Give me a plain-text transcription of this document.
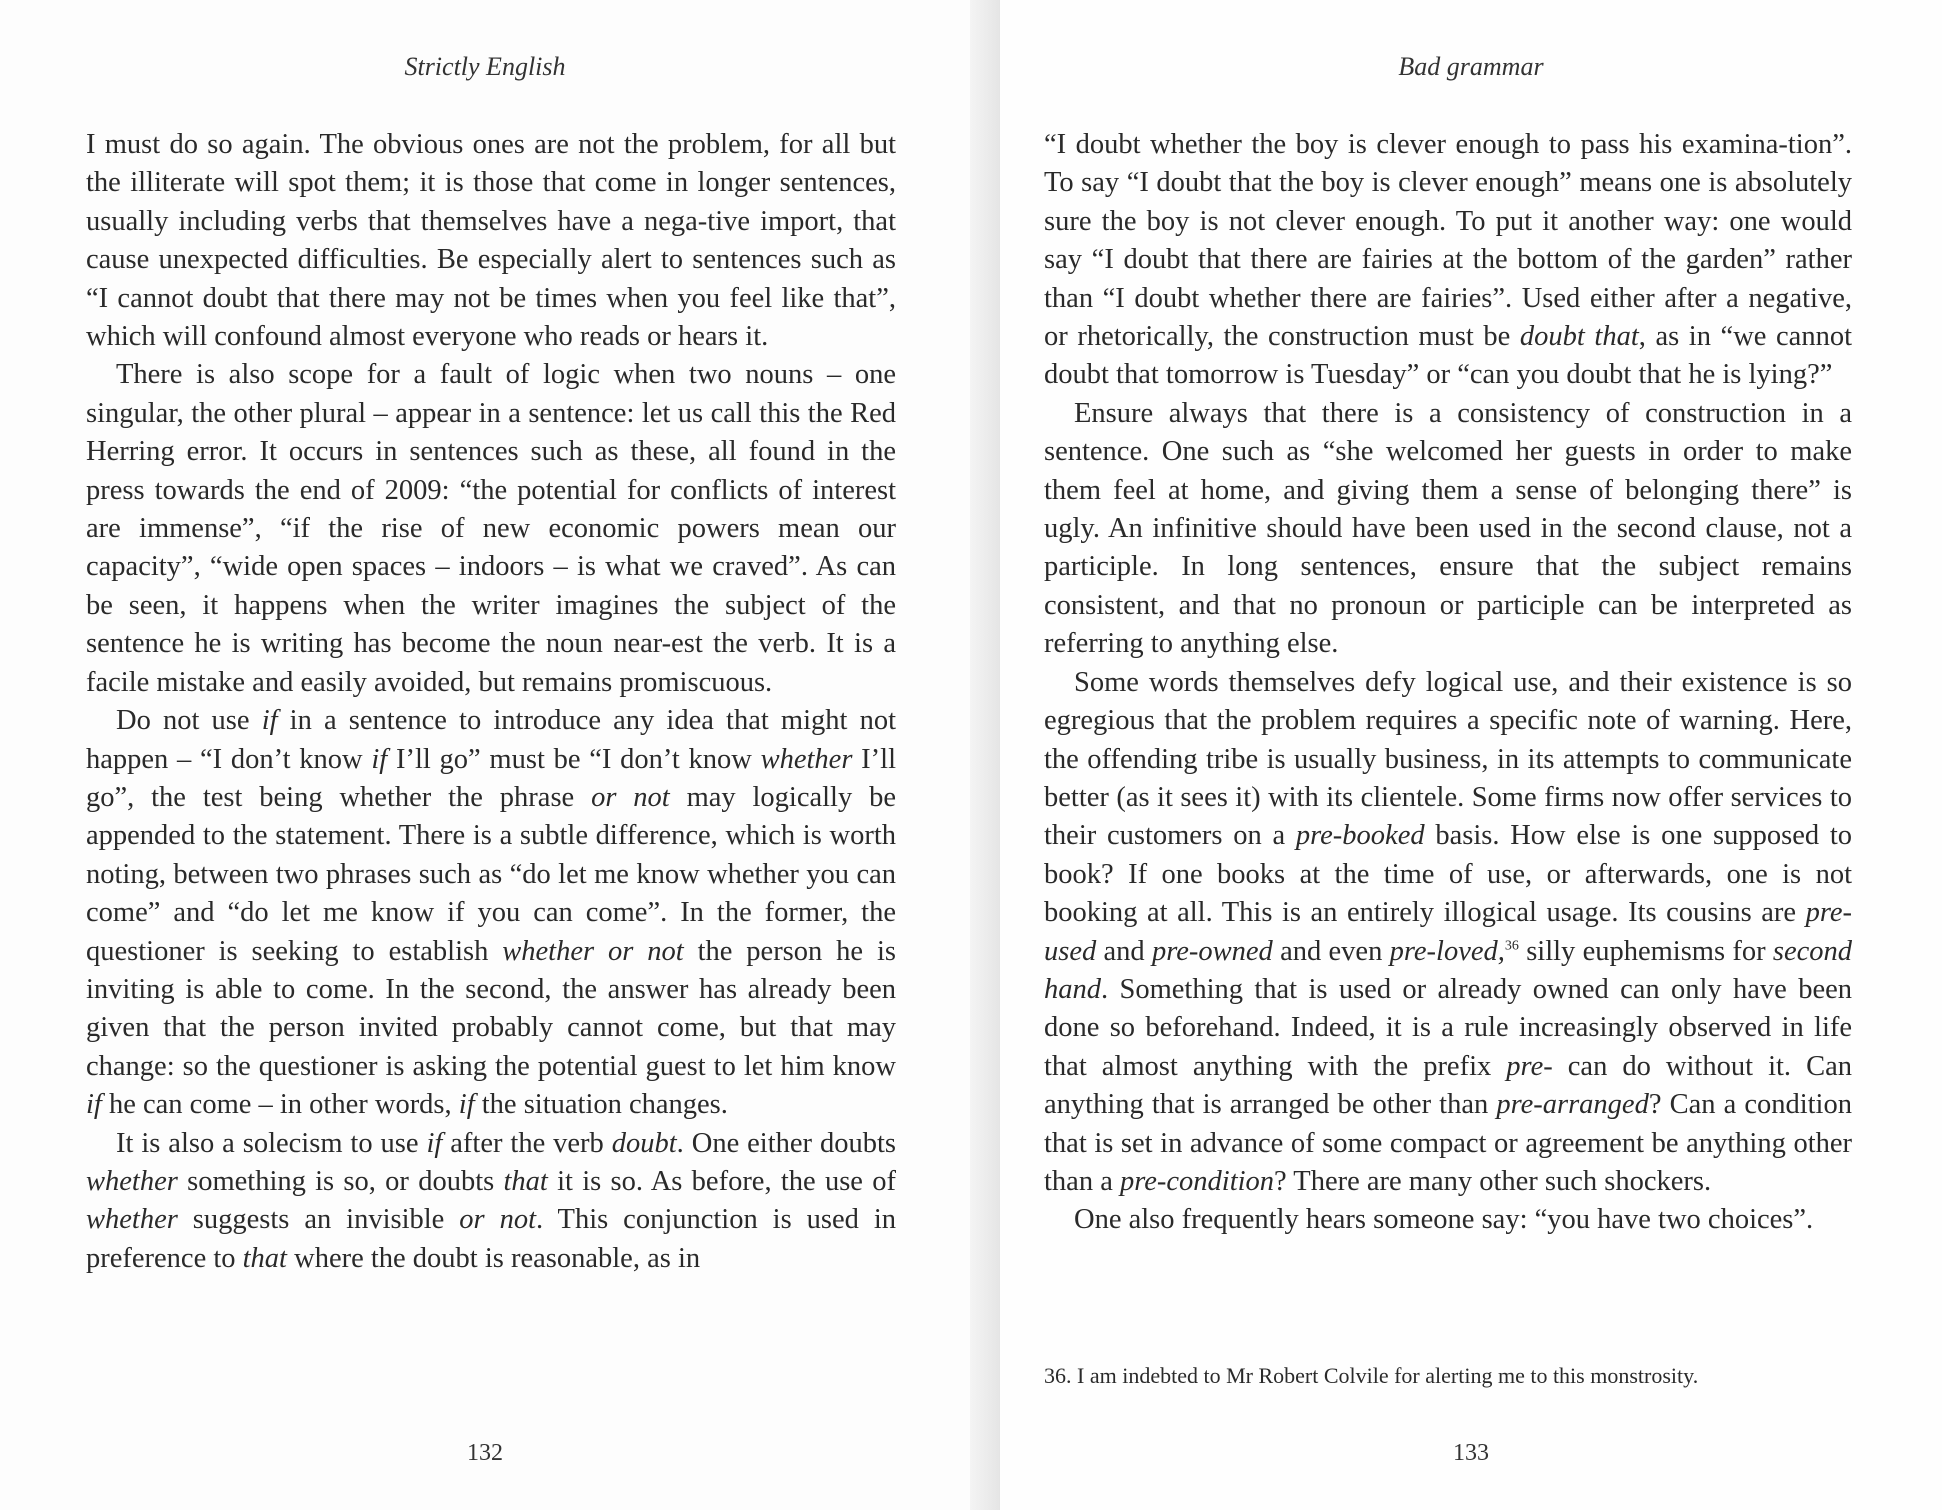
Strictly English

I must do so again. The obvious ones are not the problem, for all but the illiterate will spot them; it is those that come in longer sentences, usually including verbs that themselves have a nega-tive import, that cause unexpected difficulties. Be especially alert to sentences such as “I cannot doubt that there may not be times when you feel like that”, which will confound almost everyone who reads or hears it.

There is also scope for a fault of logic when two nouns – one singular, the other plural – appear in a sentence: let us call this the Red Herring error. It occurs in sentences such as these, all found in the press towards the end of 2009: “the potential for conflicts of interest are immense”, “if the rise of new economic powers mean our capacity”, “wide open spaces – indoors – is what we craved”. As can be seen, it happens when the writer imagines the subject of the sentence he is writing has become the noun near-est the verb. It is a facile mistake and easily avoided, but remains promiscuous.

Do not use if in a sentence to introduce any idea that might not happen – “I don’t know if I’ll go” must be “I don’t know whether I’ll go”, the test being whether the phrase or not may logically be appended to the statement. There is a subtle difference, which is worth noting, between two phrases such as “do let me know whether you can come” and “do let me know if you can come”. In the former, the questioner is seeking to establish whether or not the person he is inviting is able to come. In the second, the answer has already been given that the person invited probably cannot come, but that may change: so the questioner is asking the potential guest to let him know if he can come – in other words, if the situation changes.

It is also a solecism to use if after the verb doubt. One either doubts whether something is so, or doubts that it is so. As before, the use of whether suggests an invisible or not. This conjunction is used in preference to that where the doubt is reasonable, as in

132
Bad grammar

“I doubt whether the boy is clever enough to pass his examina-tion”. To say “I doubt that the boy is clever enough” means one is absolutely sure the boy is not clever enough. To put it another way: one would say “I doubt that there are fairies at the bottom of the garden” rather than “I doubt whether there are fairies”. Used either after a negative, or rhetorically, the construction must be doubt that, as in “we cannot doubt that tomorrow is Tuesday” or “can you doubt that he is lying?”

Ensure always that there is a consistency of construction in a sentence. One such as “she welcomed her guests in order to make them feel at home, and giving them a sense of belonging there” is ugly. An infinitive should have been used in the second clause, not a participle. In long sentences, ensure that the subject remains consistent, and that no pronoun or participle can be interpreted as referring to anything else.

Some words themselves defy logical use, and their existence is so egregious that the problem requires a specific note of warning. Here, the offending tribe is usually business, in its attempts to communicate better (as it sees it) with its clientele. Some firms now offer services to their customers on a pre-booked basis. How else is one supposed to book? If one books at the time of use, or afterwards, one is not booking at all. This is an entirely illogical usage. Its cousins are pre-used and pre-owned and even pre-loved,$^{36}$ silly euphemisms for second hand. Something that is used or already owned can only have been done so beforehand. Indeed, it is a rule increasingly observed in life that almost anything with the prefix pre- can do without it. Can anything that is arranged be other than pre-arranged? Can a condition that is set in advance of some compact or agreement be anything other than a pre-condition? There are many other such shockers.

One also frequently hears someone say: “you have two choices”.

36. I am indebted to Mr Robert Colvile for alerting me to this monstrosity.
133
